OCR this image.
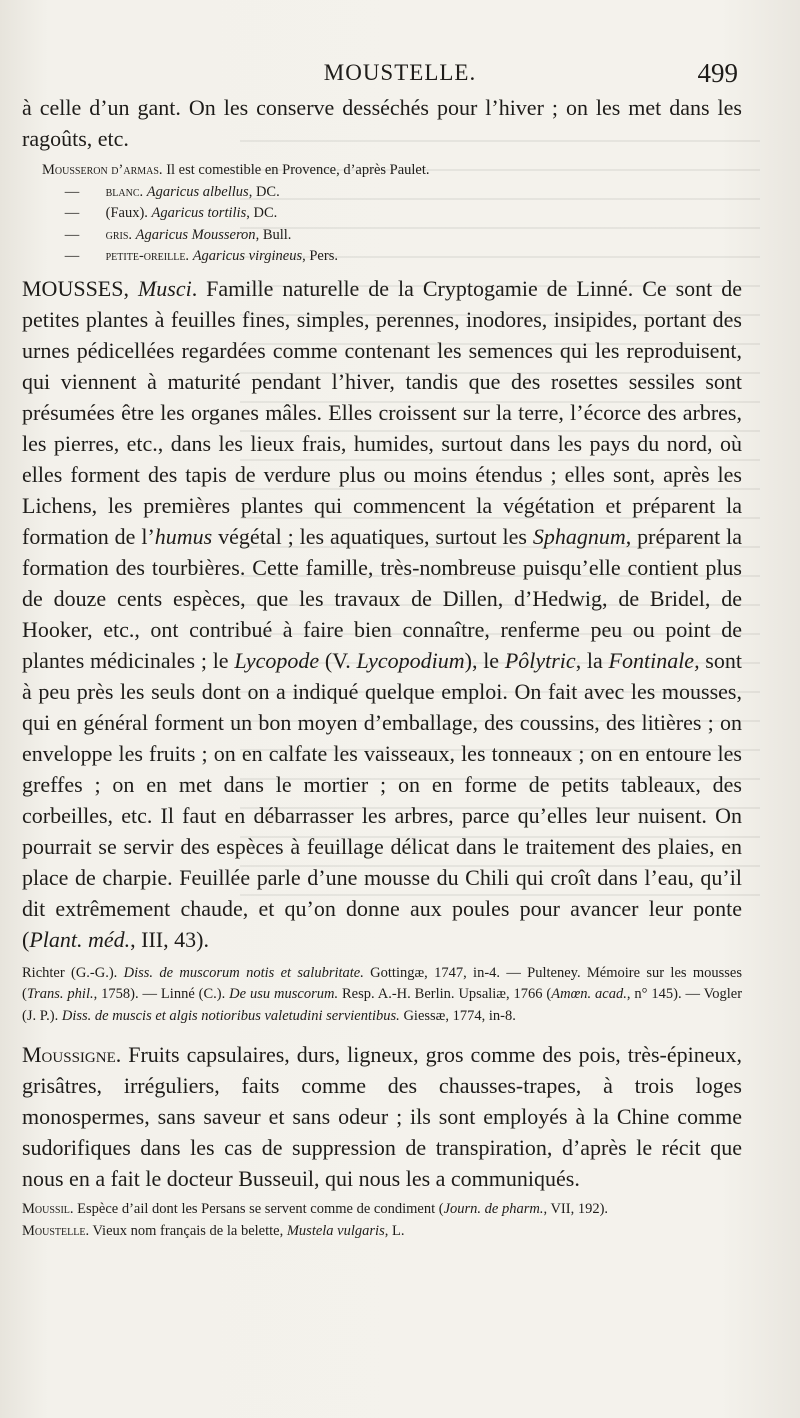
MOUSTELLE.	499

à celle d’un gant. On les conserve desséchés pour l’hiver ; on les met dans les ragoûts, etc.

Mousseron d’armas. Il est comestible en Provence, d’après Paulet.
— blanc. Agaricus albellus, DC.
— (Faux). Agaricus tortilis, DC.
— gris. Agaricus Mousseron, Bull.
— petite-oreille. Agaricus virgineus, Pers.

MOUSSES, Musci. Famille naturelle de la Cryptogamie de Linné. Ce sont de petites plantes à feuilles fines, simples, perennes, inodores, insipides, portant des urnes pédicellées regardées comme contenant les semences qui les reproduisent, qui viennent à maturité pendant l’hiver, tandis que des rosettes sessiles sont présumées être les organes mâles. Elles croissent sur la terre, l’écorce des arbres, les pierres, etc., dans les lieux frais, humides, surtout dans les pays du nord, où elles forment des tapis de verdure plus ou moins étendus ; elles sont, après les Lichens, les premières plantes qui commencent la végétation et préparent la formation de l’humus végétal ; les aquatiques, surtout les Sphagnum, préparent la formation des tourbières. Cette famille, très-nombreuse puisqu’elle contient plus de douze cents espèces, que les travaux de Dillen, d’Hedwig, de Bridel, de Hooker, etc., ont contribué à faire bien connaître, renferme peu ou point de plantes médicinales ; le Lycopode (V. Lycopodium), le Pôlytric, la Fontinale, sont à peu près les seuls dont on a indiqué quelque emploi. On fait avec les mousses, qui en général forment un bon moyen d’emballage, des coussins, des litières ; on enveloppe les fruits ; on en calfate les vaisseaux, les tonneaux ; on en entoure les greffes ; on en met dans le mortier ; on en forme de petits tableaux, des corbeilles, etc. Il faut en débarrasser les arbres, parce qu’elles leur nuisent. On pourrait se servir des espèces à feuillage délicat dans le traitement des plaies, en place de charpie. Feuillée parle d’une mousse du Chili qui croît dans l’eau, qu’il dit extrêmement chaude, et qu’on donne aux poules pour avancer leur ponte (Plant. méd., III, 43).

Richter (G.-G.). Diss. de muscorum notis et salubritate. Gottingæ, 1747, in-4. — Pulteney. Mémoire sur les mousses (Trans. phil., 1758). — Linné (C.). De usu muscorum. Resp. A.-H. Berlin. Upsaliæ, 1766 (Amœn. acad., n° 145). — Vogler (J. P.). Diss. de muscis et algis notioribus valetudini servientibus. Giessæ, 1774, in-8.

Moussigne. Fruits capsulaires, durs, ligneux, gros comme des pois, très-épineux, grisâtres, irréguliers, faits comme des chausses-trapes, à trois loges monospermes, sans saveur et sans odeur ; ils sont employés à la Chine comme sudorifiques dans les cas de suppression de transpiration, d’après le récit que nous en a fait le docteur Busseuil, qui nous les a communiqués.

Moussil. Espèce d’ail dont les Persans se servent comme de condiment (Journ. de pharm., VII, 192).

Moustelle. Vieux nom français de la belette, Mustela vulgaris, L.
